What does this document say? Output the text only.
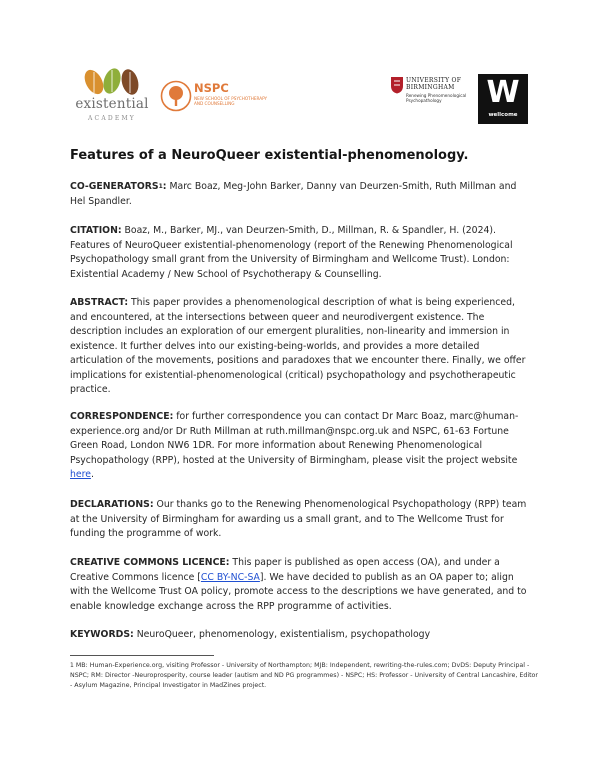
existential
ACADEMY
NSPC
NEW SCHOOL OF PSYCHOTHERAPY AND COUNSELLING
UNIVERSITY OF
BIRMINGHAM
Renewing Phenomenological Psychopathology	W
wellcome
Features of a NeuroQueer existential-phenomenology.
CO-GENERATORS$^1$: Marc Boaz, Meg-John Barker, Danny van Deurzen-Smith, Ruth Millman and Hel Spandler.
CITATION: Boaz, M., Barker, MJ., van Deurzen-Smith, D., Millman, R. & Spandler, H. (2024). Features of NeuroQueer existential-phenomenology (report of the Renewing Phenomenological Psychopathology small grant from the University of Birmingham and Wellcome Trust). London: Existential Academy / New School of Psychotherapy & Counselling.
ABSTRACT: This paper provides a phenomenological description of what is being experienced, and encountered, at the intersections between queer and neurodivergent existence. The description includes an exploration of our emergent pluralities, non-linearity and immersion in existence. It further delves into our existing-being-worlds, and provides a more detailed articulation of the movements, positions and paradoxes that we encounter there. Finally, we offer implications for existential-phenomenological (critical) psychopathology and psychotherapeutic practice.
CORRESPONDENCE: for further correspondence you can contact Dr Marc Boaz, marc@human-experience.org and/or Dr Ruth Millman at ruth.millman@nspc.org.uk and NSPC, 61-63 Fortune Green Road, London NW6 1DR. For more information about Renewing Phenomenological Psychopathology (RPP), hosted at the University of Birmingham, please visit the project website here.
DECLARATIONS: Our thanks go to the Renewing Phenomenological Psychopathology (RPP) team at the University of Birmingham for awarding us a small grant, and to The Wellcome Trust for funding the programme of work.
CREATIVE COMMONS LICENCE: This paper is published as open access (OA), and under a Creative Commons licence [CC BY-NC-SA]. We have decided to publish as an OA paper to; align with the Wellcome Trust OA policy, promote access to the descriptions we have generated, and to enable knowledge exchange across the RPP programme of activities.
KEYWORDS: NeuroQueer, phenomenology, existentialism, psychopathology
1 MB: Human-Experience.org, visiting Professor - University of Northampton; MJB: Independent, rewriting-the-rules.com; DvDS: Deputy Principal - NSPC; RM: Director -Neuroprosperity, course leader (autism and ND PG programmes) - NSPC; HS: Professor - University of Central Lancashire, Editor - Asylum Magazine, Principal Investigator in MadZines project.
